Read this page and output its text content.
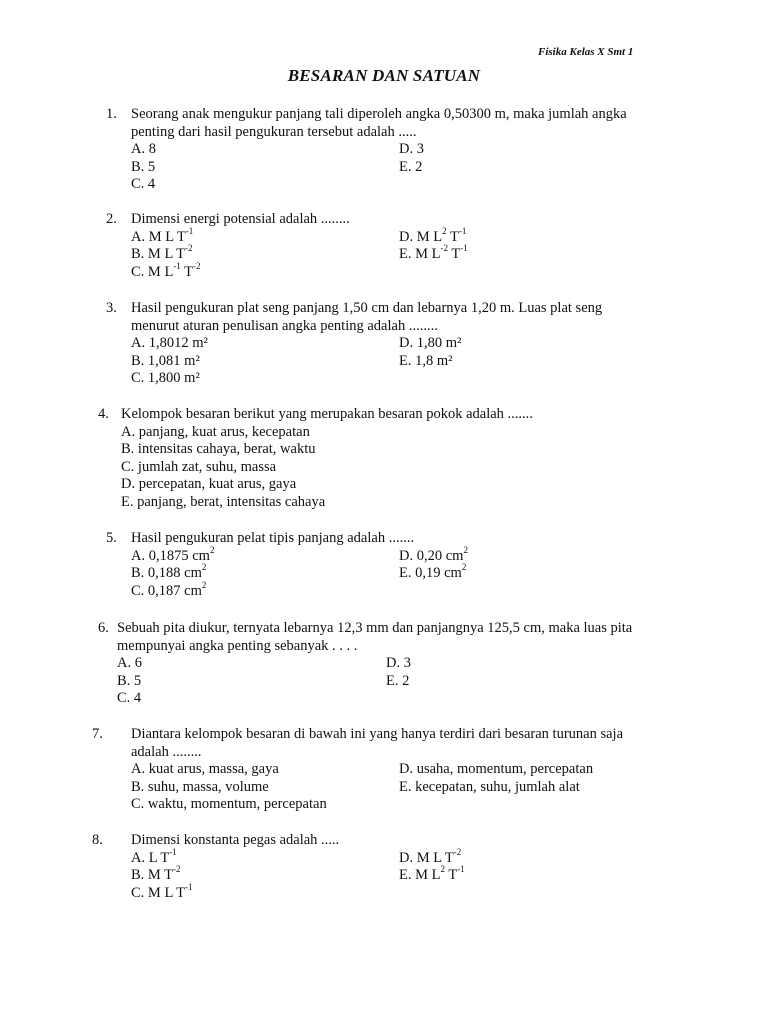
Fisika Kelas X Smt 1
BESARAN DAN SATUAN
1. Seorang anak mengukur panjang tali diperoleh angka 0,50300 m, maka jumlah angka
penting dari hasil pengukuran tersebut adalah .....
A. 8	D. 3
B. 5	E. 2
C. 4
2. Dimensi energi potensial adalah ........
A. M L $T^{-1}$	D. M $L^2$ $T^{-1}$
B. M L $T^{-2}$	E. M $L^{-2}$ $T^{-1}$
C. M $L^{-1}$ $T^{-2}$
3. Hasil pengukuran plat seng panjang 1,50 cm dan lebarnya 1,20 m. Luas plat seng
menurut aturan penulisan angka penting adalah ........
A. 1,8012 m²	D. 1,80 m²
B. 1,081 m²	E. 1,8 m²
C. 1,800 m²
4. Kelompok besaran berikut yang merupakan besaran pokok adalah .......
A. panjang, kuat arus, kecepatan
B. intensitas cahaya, berat, waktu
C. jumlah zat, suhu, massa
D. percepatan, kuat arus, gaya
E. panjang, berat, intensitas cahaya
5. Hasil pengukuran pelat tipis panjang adalah .......
A. 0,1875 $cm^2$	D. 0,20 $cm^2$
B. 0,188 $cm^2$	E. 0,19 $cm^2$
C. 0,187 $cm^2$
6. Sebuah pita diukur, ternyata lebarnya 12,3 mm dan panjangnya 125,5 cm, maka luas pita
mempunyai angka penting sebanyak . . . .
A. 6	D. 3
B. 5	E. 2
C. 4
7. Diantara kelompok besaran di bawah ini yang hanya terdiri dari besaran turunan saja
adalah ........
A. kuat arus, massa, gaya	D. usaha, momentum, percepatan
B. suhu, massa, volume	E. kecepatan, suhu, jumlah alat
C. waktu, momentum, percepatan
8. Dimensi konstanta pegas adalah .....
A. L $T^{-1}$	D. M L $T^{-2}$
B. M $T^{-2}$	E. M $L^2$ $T^{-1}$
C. M L $T^{-1}$
